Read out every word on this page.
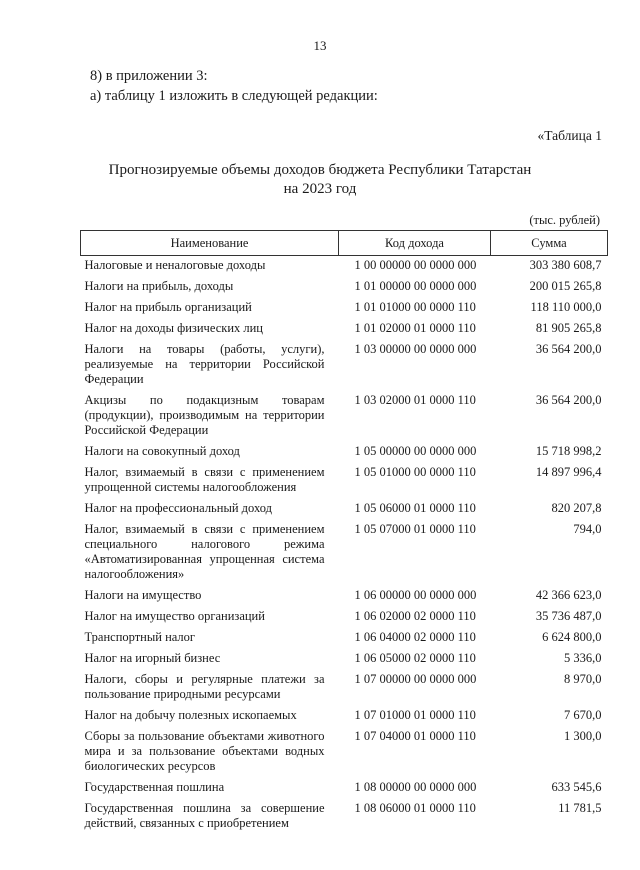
13
8) в приложении 3:
а) таблицу 1 изложить в следующей редакции:
«Таблица 1
Прогнозируемые объемы доходов бюджета Республики Татарстан
на 2023 год
(тыс. рублей)
Наименование	Код дохода	Сумма
Налоговые и неналоговые доходы	1 00 00000 00 0000 000	303 380 608,7
Налоги на прибыль, доходы	1 01 00000 00 0000 000	200 015 265,8
Налог на прибыль организаций	1 01 01000 00 0000 110	118 110 000,0
Налог на доходы физических лиц	1 01 02000 01 0000 110	81 905 265,8
Налоги на товары (работы, услуги), реализуемые на территории Российской Федерации	1 03 00000 00 0000 000	36 564 200,0
Акцизы по подакцизным товарам (продукции), производимым на территории Российской Федерации	1 03 02000 01 0000 110	36 564 200,0
Налоги на совокупный доход	1 05 00000 00 0000 000	15 718 998,2
Налог, взимаемый в связи с применением упрощенной системы налогообложения	1 05 01000 00 0000 110	14 897 996,4
Налог на профессиональный доход	1 05 06000 01 0000 110	820 207,8
Налог, взимаемый в связи с применением специального налогового режима «Автоматизированная упрощенная система налогообложения»	1 05 07000 01 0000 110	794,0
Налоги на имущество	1 06 00000 00 0000 000	42 366 623,0
Налог на имущество организаций	1 06 02000 02 0000 110	35 736 487,0
Транспортный налог	1 06 04000 02 0000 110	6 624 800,0
Налог на игорный бизнес	1 06 05000 02 0000 110	5 336,0
Налоги, сборы и регулярные платежи за пользование природными ресурсами	1 07 00000 00 0000 000	8 970,0
Налог на добычу полезных ископаемых	1 07 01000 01 0000 110	7 670,0
Сборы за пользование объектами животного мира и за пользование объектами водных биологических ресурсов	1 07 04000 01 0000 110	1 300,0
Государственная пошлина	1 08 00000 00 0000 000	633 545,6
Государственная пошлина за совершение действий, связанных с приобретением	1 08 06000 01 0000 110	11 781,5
